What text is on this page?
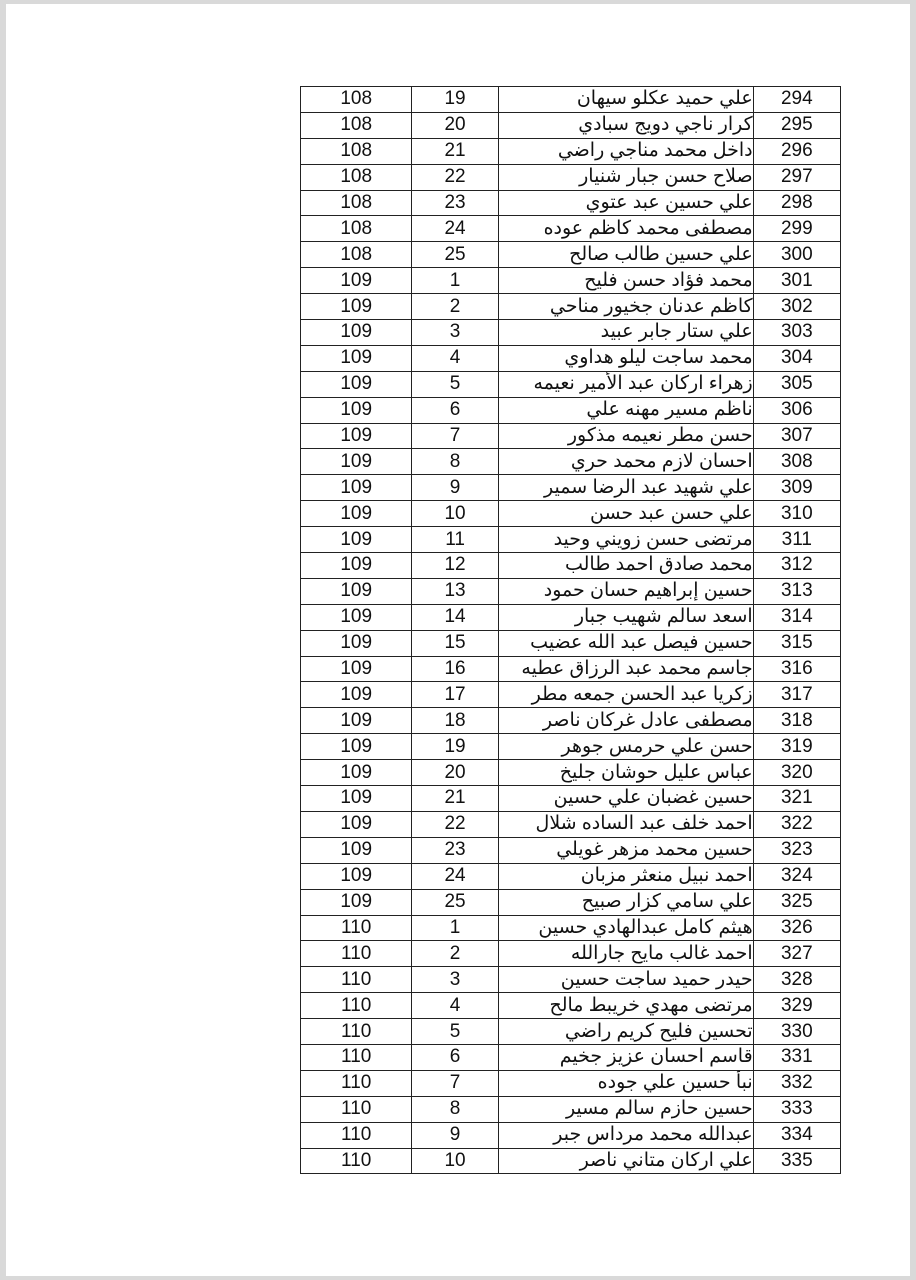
108	19	علي حميد عكلو سيهان	294
108	20	كرار ناجي دويج سبادي	295
108	21	داخل محمد مناجي راضي	296
108	22	صلاح حسن جبار شنيار	297
108	23	علي حسين عبد عتوي	298
108	24	مصطفى محمد كاظم عوده	299
108	25	علي حسين طالب صالح	300
109	1	محمد فؤاد حسن فليح	301
109	2	كاظم عدنان جخيور مناحي	302
109	3	علي ستار جابر عبيد	303
109	4	محمد ساجت ليلو هداوي	304
109	5	زهراء اركان عبد الأمير نعيمه	305
109	6	ناظم مسير مهنه علي	306
109	7	حسن مطر نعيمه مذكور	307
109	8	احسان لازم محمد حري	308
109	9	علي شهيد عبد الرضا سمير	309
109	10	علي حسن عبد حسن	310
109	11	مرتضى حسن زويني وحيد	311
109	12	محمد صادق احمد طالب	312
109	13	حسين إبراهيم حسان حمود	313
109	14	اسعد سالم شهيب جبار	314
109	15	حسين فيصل عبد الله عضيب	315
109	16	جاسم محمد عبد الرزاق عطيه	316
109	17	زكريا عبد الحسن جمعه مطر	317
109	18	مصطفى عادل غركان ناصر	318
109	19	حسن علي حرمس جوهر	319
109	20	عباس عليل حوشان جليخ	320
109	21	حسين غضبان علي حسين	321
109	22	احمد خلف عبد الساده شلال	322
109	23	حسين محمد مزهر غويلي	323
109	24	احمد نبيل منعثر مزبان	324
109	25	علي سامي كزار صبيح	325
110	1	هيثم كامل عبدالهادي حسين	326
110	2	احمد غالب مايح جارالله	327
110	3	حيدر حميد ساجت حسين	328
110	4	مرتضى مهدي خريبط مالح	329
110	5	تحسين فليح كريم راضي	330
110	6	قاسم احسان عزيز جخيم	331
110	7	نبأ حسين علي جوده	332
110	8	حسين حازم سالم مسير	333
110	9	عبدالله محمد مرداس جبر	334
110	10	علي اركان متاني ناصر	335
